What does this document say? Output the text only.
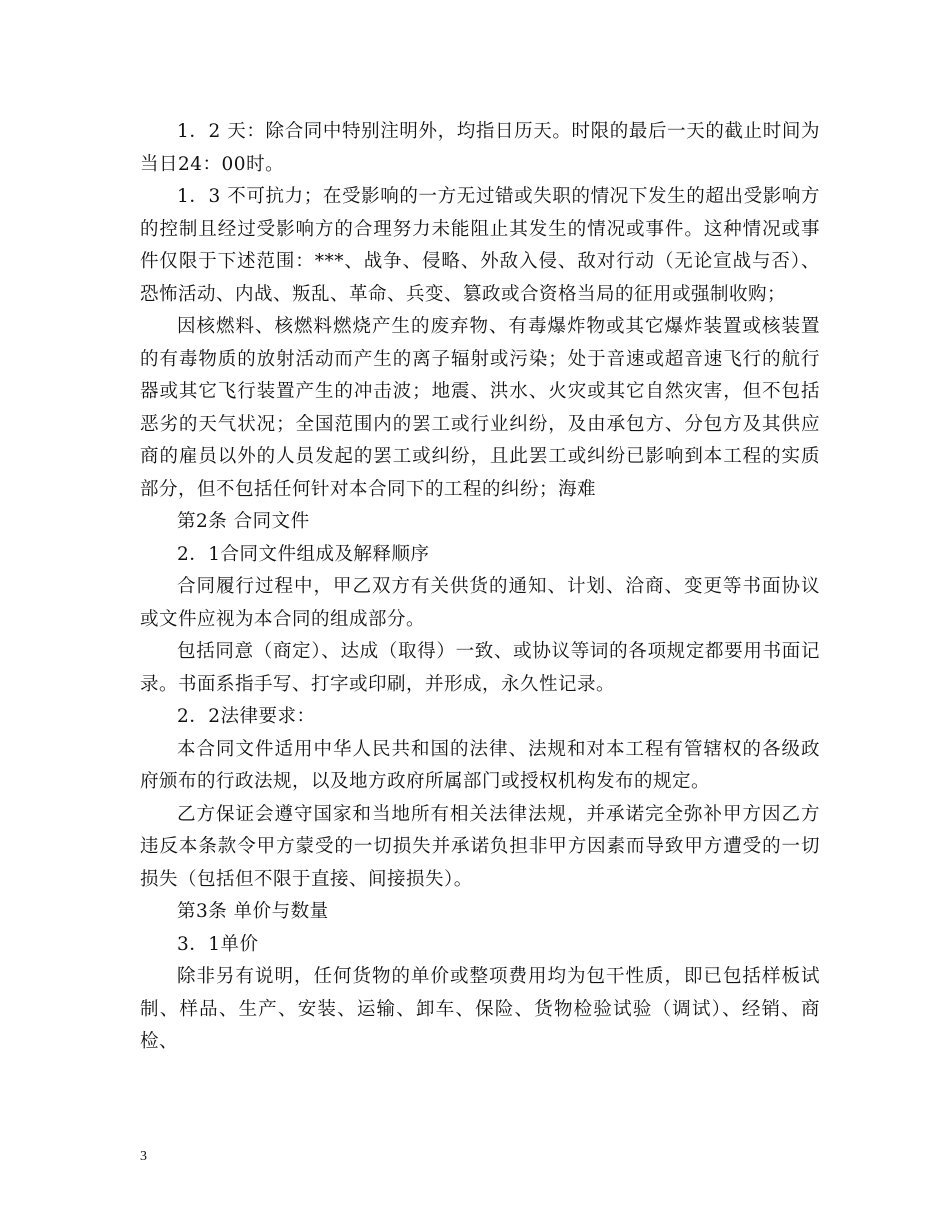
1．2 天：除合同中特别注明外，均指日历天。时限的最后一天的截止时间为当日24：00时。

1．3 不可抗力；在受影响的一方无过错或失职的情况下发生的超出受影响方的控制且经过受影响方的合理努力未能阻止其发生的情况或事件。这种情况或事件仅限于下述范围：***、战争、侵略、外敌入侵、敌对行动（无论宣战与否）、恐怖活动、内战、叛乱、革命、兵变、篡政或合资格当局的征用或强制收购；

因核燃料、核燃料燃烧产生的废弃物、有毒爆炸物或其它爆炸装置或核装置的有毒物质的放射活动而产生的离子辐射或污染；处于音速或超音速飞行的航行器或其它飞行装置产生的冲击波；地震、洪水、火灾或其它自然灾害，但不包括恶劣的天气状况；全国范围内的罢工或行业纠纷，及由承包方、分包方及其供应商的雇员以外的人员发起的罢工或纠纷，且此罢工或纠纷已影响到本工程的实质部分，但不包括任何针对本合同下的工程的纠纷；海难

第2条 合同文件

2．1合同文件组成及解释顺序

合同履行过程中，甲乙双方有关供货的通知、计划、洽商、变更等书面协议或文件应视为本合同的组成部分。

包括同意（商定）、达成（取得）一致、或协议等词的各项规定都要用书面记录。书面系指手写、打字或印刷，并形成，永久性记录。

2．2法律要求：

本合同文件适用中华人民共和国的法律、法规和对本工程有管辖权的各级政府颁布的行政法规，以及地方政府所属部门或授权机构发布的规定。

乙方保证会遵守国家和当地所有相关法律法规，并承诺完全弥补甲方因乙方违反本条款令甲方蒙受的一切损失并承诺负担非甲方因素而导致甲方遭受的一切损失（包括但不限于直接、间接损失）。

第3条 单价与数量

3．1单价

除非另有说明，任何货物的单价或整项费用均为包干性质，即已包括样板试制、样品、生产、安装、运输、卸车、保险、货物检验试验（调试）、经销、商检、

3
